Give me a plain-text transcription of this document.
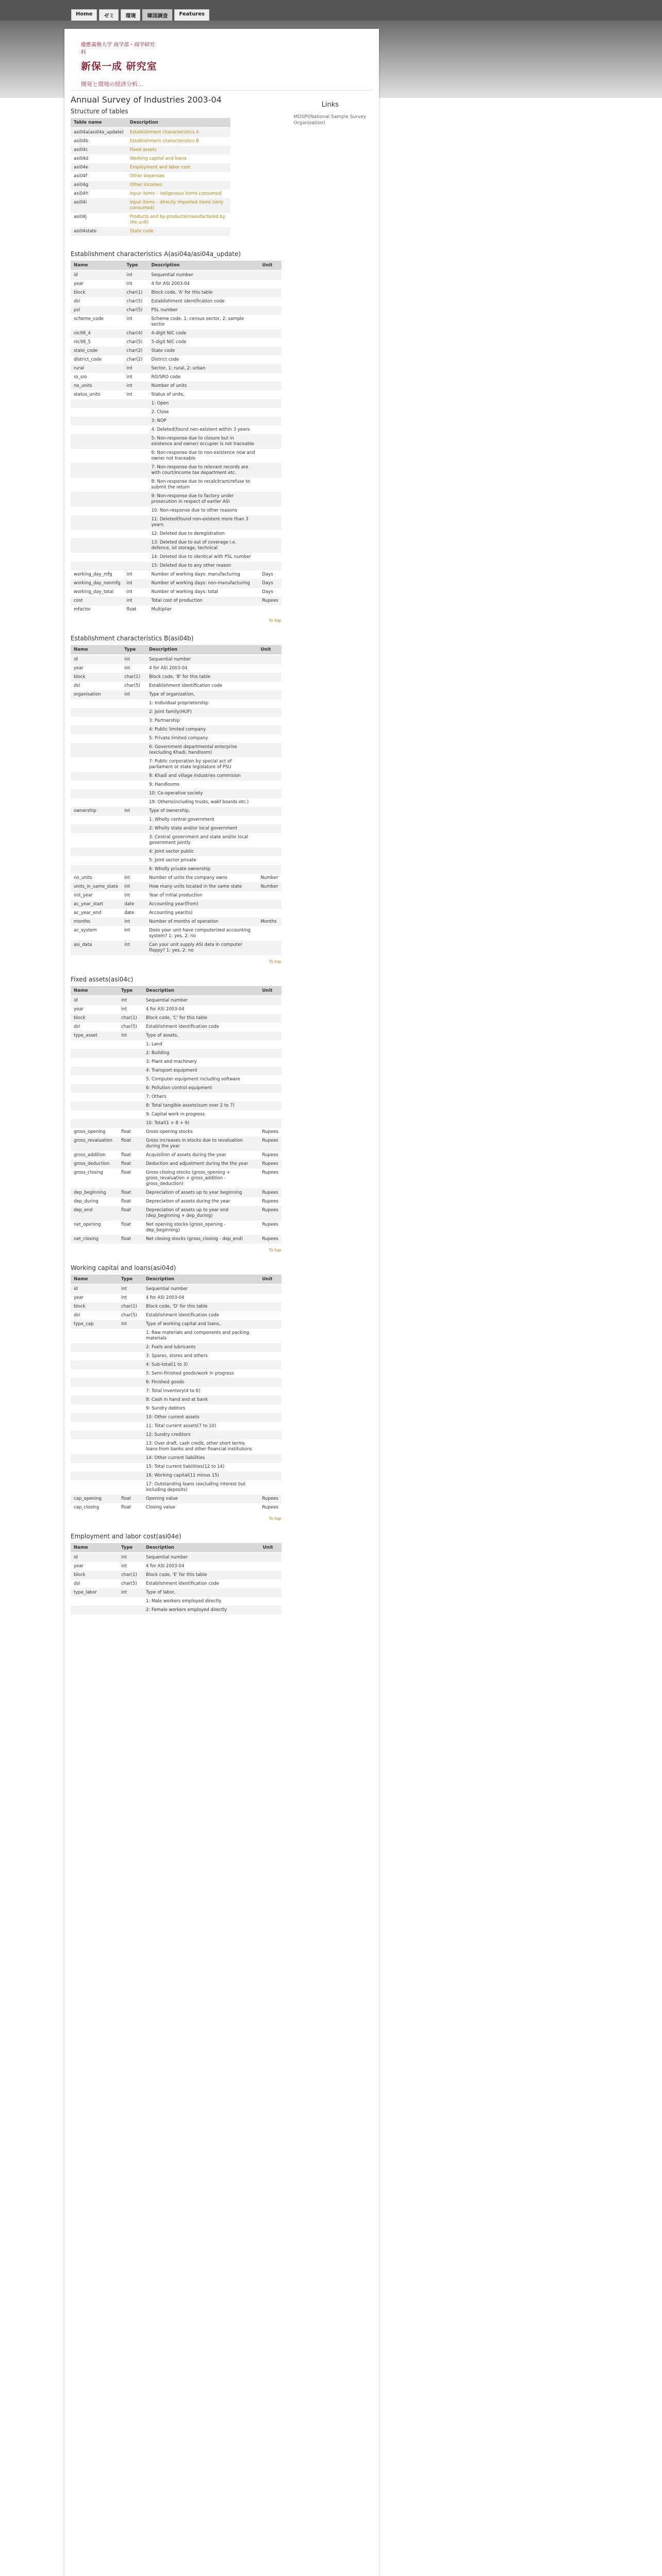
Home	ゼミ	環境	韓国調査	Features
慶應義塾大学 商学部・商学研究科
新保一成 研究室
開発と環境の経済分析...
Annual Survey of Industries 2003-04
Structure of tables
Table name	Description
asi04a(asi04a_update)	Establishment characteristics A
asi04b	Establishment characteristics B
asi04c	Fixed assets
asi04d	Working capital and loans
asi04e	Employment and labor cost
asi04f	Other expenses
asi04g	Other incomes
asi04h	Input items – indigenous items consumed
asi04i	Input items – directly imported items (only consumed)
asi04j	Products and by-products(manufactured by the unit)
asi04state	State code
Establishment characteristics A(asi04a/asi04a_update)
Name	Type	Description	Unit
id	int	Sequential number	
year	int	4 for ASI 2003-04	
block	char(1)	Block code, 'A' for this table	
dsl	char(5)	Establishment identification code	
psl	char(5)	PSL number	
scheme_code	int	Scheme code, 1: census sector, 2: sample sector	
nic98_4	char(4)	4-digit NIC code	
nic98_5	char(5)	5-digit NIC code	
state_code	char(2)	State code	
district_code	char(2)	District code	
rural	int	Sector, 1: rural, 2: urban	
ro_sro	int	RO/SRO code	
no_units	int	Number of units	
status_units	int	Status of units,	
		1: Open	
		2: Close	
		3: NOP	
		4: Deleted(found non-existent within 3 years	
		5: Non-response due to closure but in existence and owner/ occupier is not traceable	
		6: Non-response due to non-existence now and owner not traceable	
		7: Non-response due to relevant records are with court/income tax department etc.	
		8: Non-response due to recalcitrant/refuse to submit the return	
		9: Non-response due to factory under prosecution in respect of earlier ASI	
		10: Non-response due to other reasons	
		11: Deleted(found non-existent more than 3 years	
		12: Deleted due to deregistration	
		13: Deleted due to out of coverage i.e. defence, oil storage, technical	
		14: Deleted due to identical with PSL number	
		15: Deleted due to any other reason	
working_day_mfg	int	Number of working days: manufacturing	Days
working_day_nonmfg	int	Number of working days: non-manufacturing	Days
working_day_total	int	Number of working days: total	Days
cost	int	Total cost of production	Rupees
mfactor	float	Multiplier	
To top
Establishment characteristics B(asi04b)
Name	Type	Description	Unit
id	int	Sequential number	
year	int	4 for ASI 2003-04	
block	char(1)	Block code, 'B' for this table	
dsl	char(5)	Establishment identification code	
organisation	int	Type of organization,	
		1: Individual proprietorship	
		2: Joint family(HUF)	
		3: Partnership	
		4: Public limited company	
		5: Private limited company	
		6: Government departmental enterprise (excluding Khadi, handloom)	
		7: Public corporation by special act of parliament or state legislature of PSU	
		8: Khadi and village industries commision	
		9: Handlooms	
		10: Co-operative society	
		19: Others(including trusts, wakf boards etc.)	
ownership	int	Type of ownership,	
		1: Wholly central government	
		2: Wholly state and/or local government	
		3: Central government and state and/or local government jointly	
		4: Joint sector public	
		5: Joint sector private	
		6: Wholly private ownership	
no_units	int	Number of units the company owns	Number
units_in_same_state	int	How many units located in the same state	Number
init_year	int	Year of initial production	
ac_year_start	date	Accounting year(from)	
ac_year_end	date	Accounting year(to)	
months	int	Number of months of operation	Months
ac_system	int	Does your unit have computerized accounting system? 1: yes, 2: no	
asi_data	int	Can your unit supply ASI data in computer floppy? 1: yes, 2: no	
To top
Fixed assets(asi04c)
Name	Type	Description	Unit
id	int	Sequential number	
year	int	4 for ASI 2003-04	
block	char(1)	Block code, 'C' for this table	
dsl	char(5)	Establishment identification code	
type_asset	int	Type of assets,	
		1: Land	
		2: Building	
		3: Plant and machinery	
		4: Transport equipment	
		5: Computer equipment including software	
		6: Pollution control equipment	
		7: Others	
		8: Total tangible assets(sum over 2 to 7)	
		9: Capital work in progress	
		10: Total(1 + 8 + 9)	
gross_opening	float	Gross opening stocks	Rupees
gross_revaluation	float	Gross increases in stocks due to revaluation during the year	Rupees
gross_addition	float	Acquisition of assets during the year	Rupees
gross_deduction	float	Deduction and adjustment during the the year	Rupees
gross_closing	float	Gross closing stocks (gross_opening + gross_revaluation + gross_addition - gross_deduction)	Rupees
dep_beginning	float	Depreciation of assets up to year beginning	Rupees
dep_during	float	Depreciation of assets during the year	Rupees
dep_end	float	Depreciation of assets up to year end (dep_beginning + dep_during)	Rupees
net_opening	float	Net opening stocks (gross_opening - dep_beginning)	Rupees
net_closing	float	Net closing stocks (gross_closing - dep_end)	Rupees
To top
Working capital and loans(asi04d)
Name	Type	Description	Unit
id	int	Sequential number	
year	int	4 for ASI 2003-04	
block	char(1)	Block code, 'D' for this table	
dsl	char(5)	Establishment identification code	
type_cap	int	Type of working capital and loans,	
		1: Raw materials and components and packing materials	
		2: Fuels and lubricants	
		3: Spares, stores and others	
		4: Sub-total(1 to 3)	
		5: Semi-finished goods/work in progress	
		6: Finished goods	
		7: Total inventory(4 to 6)	
		8: Cash in hand and at bank	
		9: Sundry debtors	
		10: Other current assets	
		11: Total current assets(7 to 10)	
		12: Sundry creditors	
		13: Over draft, cash credit, other short terms loans from banks and other financial institutions	
		14: Other current liabilities	
		15: Total current liabilities(12 to 14)	
		16: Working capital(11 minus 15)	
		17: Outstanding loans (excluding interest but including deposits)	
cap_opening	float	Opening value	Rupees
cap_closing	float	Closing value	Rupees
To top
Employment and labor cost(asi04e)
Name	Type	Description	Unit
id	int	Sequential number	
year	int	4 for ASI 2003-04	
block	char(1)	Block code, 'E' for this table	
dsl	char(5)	Establishment identification code	
type_labor	int	Type of labor,	
		1: Male workers employed directly	
		2: Female workers employed directly	
Links
MOSPI(National Sample Survey Organization)
